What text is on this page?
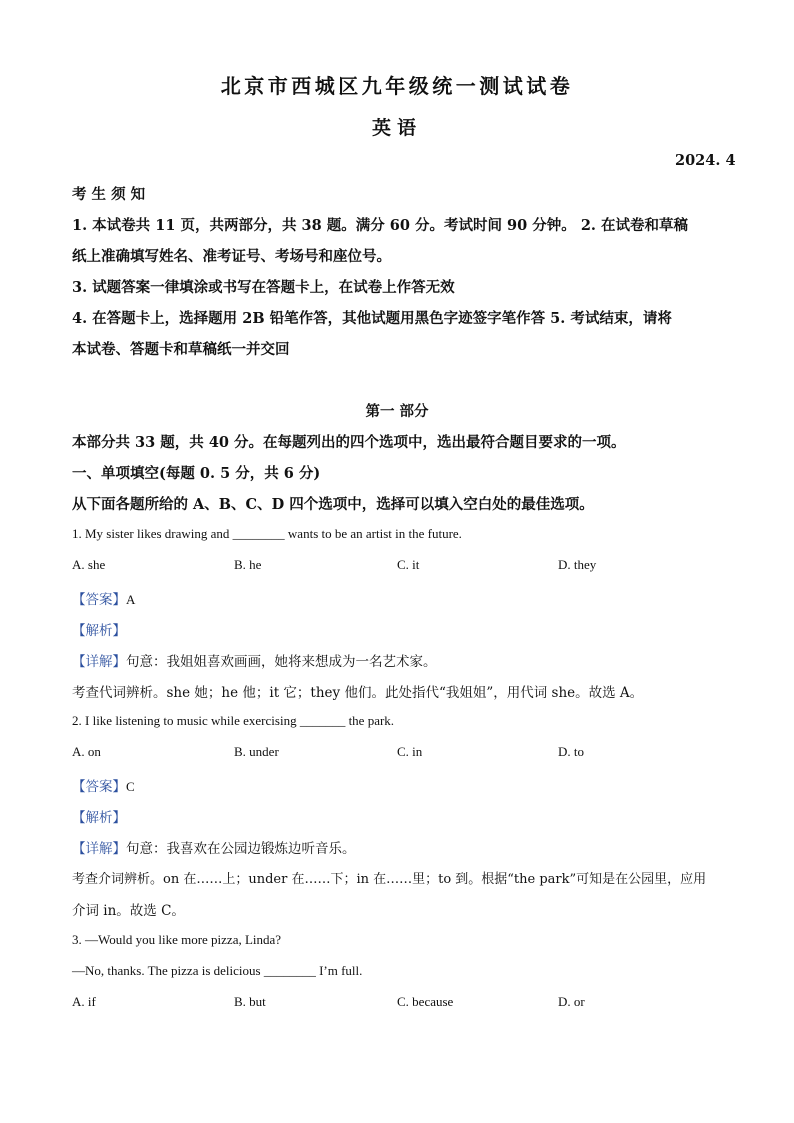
北京市西城区九年级统一测试试卷
英语
2024. 4
考 生 须 知
1. 本试卷共 11 页，共两部分，共 38 题。满分 60 分。考试时间 90 分钟。 2. 在试卷和草稿
纸上准确填写姓名、准考证号、考场号和座位号。
3. 试题答案一律填涂或书写在答题卡上，在试卷上作答无效
4. 在答题卡上，选择题用 2B 铅笔作答，其他试题用黑色字迹签字笔作答 5. 考试结束，请将
本试卷、答题卡和草稿纸一并交回
第一 部分
本部分共 33 题，共 40 分。在每题列出的四个选项中，选出最符合题目要求的一项。
一、单项填空(每题 0. 5 分，共 6 分)
从下面各题所给的 A、B、C、D 四个选项中，选择可以填入空白处的最佳选项。
1. My sister likes drawing and ________ wants to be an artist in the future.
A. she	B. he	C. it	D. they
【答案】A
【解析】
【详解】句意：我姐姐喜欢画画，她将来想成为一名艺术家。
考查代词辨析。she 她；he 他；it 它；they 他们。此处指代“我姐姐”，用代词 she。故选 A。
2. I like listening to music while exercising _______ the park.
A. on	B. under	C. in	D. to
【答案】C
【解析】
【详解】句意：我喜欢在公园边锻炼边听音乐。
考查介词辨析。on 在……上；under 在……下；in 在……里；to 到。根据“the park”可知是在公园里，应用
介词 in。故选 C。
3. —Would you like more pizza, Linda?
—No, thanks. The pizza is delicious ________ I’m full.
A. if	B. but	C. because	D. or
